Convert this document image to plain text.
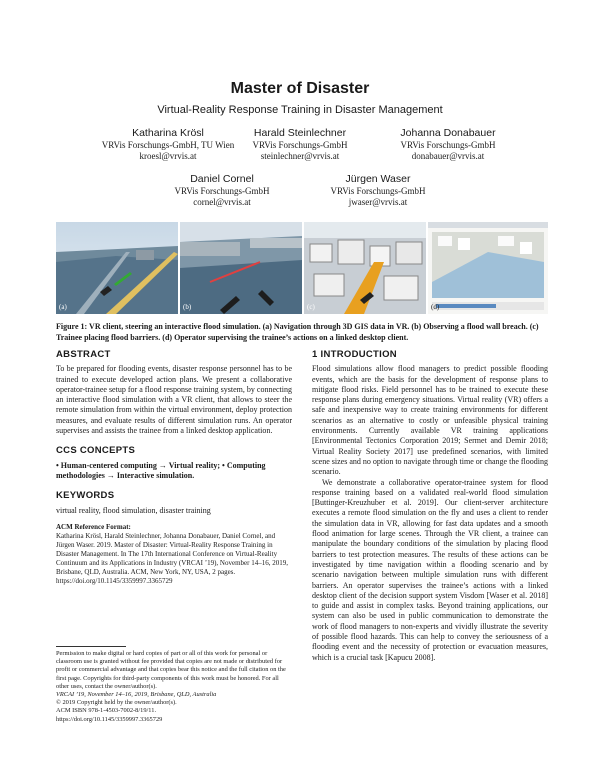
Master of Disaster
Virtual-Reality Response Training in Disaster Management
Katharina Krösl
VRVis Forschungs-GmbH, TU Wien
kroesl@vrvis.at
Harald Steinlechner
VRVis Forschungs-GmbH
steinlechner@vrvis.at
Johanna Donabauer
VRVis Forschungs-GmbH
donabauer@vrvis.at
Daniel Cornel
VRVis Forschungs-GmbH
cornel@vrvis.at
Jürgen Waser
VRVis Forschungs-GmbH
jwaser@vrvis.at
(a)	(b)	(c)	(d)
Figure 1: VR client, steering an interactive flood simulation. (a) Navigation through 3D GIS data in VR. (b) Observing a flood wall breach. (c) Trainee placing flood barriers. (d) Operator supervising the trainee’s actions on a linked desktop client.
ABSTRACT

To be prepared for flooding events, disaster response personnel has to be trained to execute developed action plans. We present a collaborative operator-trainee setup for a flood response training system, by connecting an interactive flood simulation with a VR client, that allows to steer the remote simulation from within the virtual environment, deploy protection measures, and evaluate results of different simulation runs. An operator supervises and assists the trainee from a linked desktop application.

CCS CONCEPTS

• Human-centered computing → Virtual reality; • Computing methodologies → Interactive simulation.

KEYWORDS

virtual reality, flood simulation, disaster training

ACM Reference Format:

Katharina Krösl, Harald Steinlechner, Johanna Donabauer, Daniel Cornel, and Jürgen Waser. 2019. Master of Disaster: Virtual-Reality Response Training in Disaster Management. In The 17th International Conference on Virtual-Reality Continuum and its Applications in Industry (VRCAI ’19), November 14–16, 2019, Brisbane, QLD, Australia. ACM, New York, NY, USA, 2 pages. https://doi.org/10.1145/3359997.3365729

Permission to make digital or hard copies of part or all of this work for personal or classroom use is granted without fee provided that copies are not made or distributed for profit or commercial advantage and that copies bear this notice and the full citation on the first page. Copyrights for third-party components of this work must be honored. For all other uses, contact the owner/author(s).

VRCAI ’19, November 14–16, 2019, Brisbane, QLD, Australia

© 2019 Copyright held by the owner/author(s).

ACM ISBN 978-1-4503-7002-8/19/11.

https://doi.org/10.1145/3359997.3365729

1 INTRODUCTION

Flood simulations allow flood managers to predict possible flooding events, which are the basis for the development of response plans to mitigate flood risks. Field personnel has to be trained to execute these response plans during emergency situations. Virtual reality (VR) offers a safe and inexpensive way to create training environments for different scenarios as an alternative to costly or unfeasible physical training environments. Currently available VR training applications [Environmental Tectonics Corporation 2019; Sermet and Demir 2018; Virtual Reality Society 2017] use predefined scenarios, with limited scene sizes and no option to navigate through time or change the flooding scenario.

We demonstrate a collaborative operator-trainee system for flood response training based on a validated real-world flood simulation [Buttinger-Kreuzhuber et al. 2019]. Our client-server architecture executes a remote flood simulation on the fly and uses a client to render the simulation data in VR, allowing for fast data updates and a smooth flood animation for large scenes. Through the VR client, a trainee can manipulate the boundary conditions of the simulation by placing flood barriers to test protection measures. The results of these actions can be investigated by time navigation within a flooding scenario and by scenario navigation between multiple simulation runs with different barriers. An operator supervises the trainee’s actions with a linked desktop client of the decision support system Visdom [Waser et al. 2018] to guide and assist in complex tasks. Beyond training applications, our system can also be used in public communication to demonstrate the work of flood managers to non-experts and vividly illustrate the severity of possible flood hazards. This can help to convey the seriousness of a flooding event and the necessity of protection or evacuation measures, which is a crucial task [Kapucu 2008].
